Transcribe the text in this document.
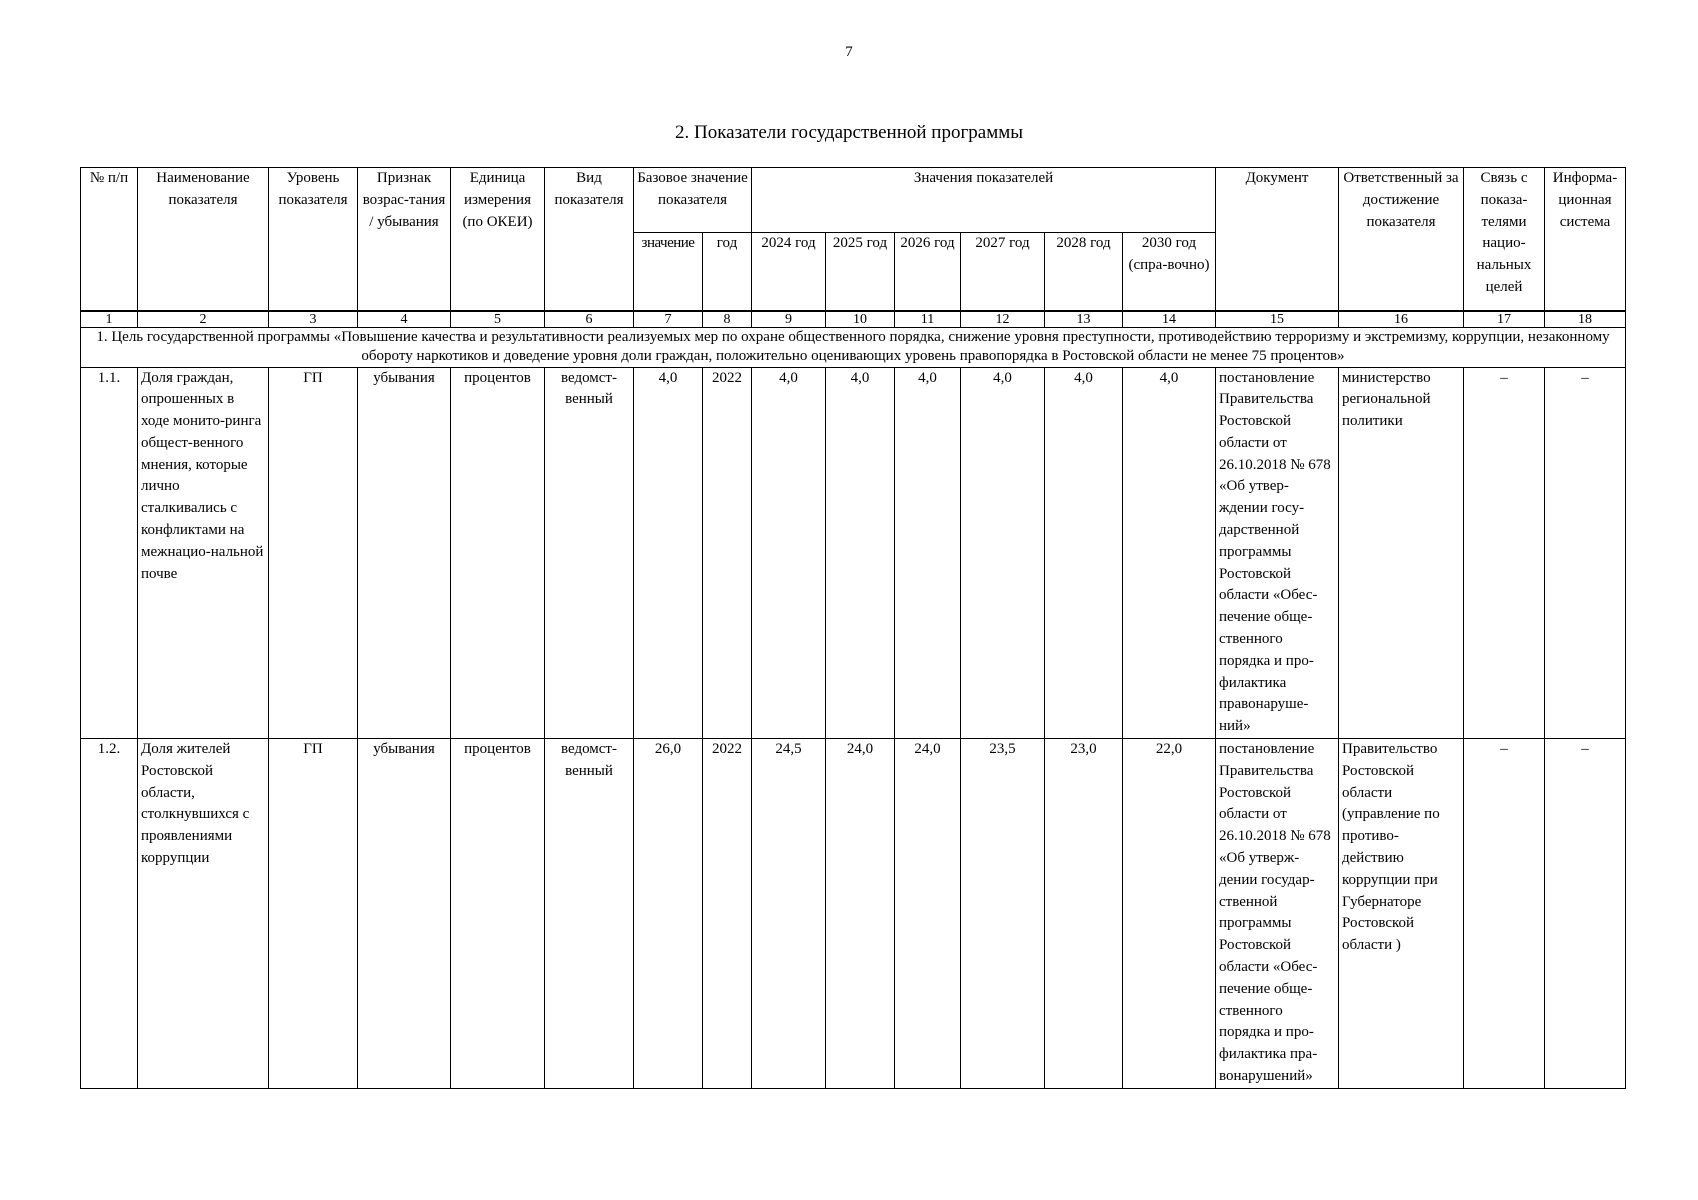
7
2. Показатели государственной программы
№ п/п	Наименование показателя	Уровень показателя	Признак возрас-тания / убывания	Единица измерения (по ОКЕИ)	Вид показателя	Базовое значение показателя		Значения показателей						Документ	Ответственный за достижение показателя	Связь с показа-телями нацио-нальных целей	Информа-ционная система
						значение	год	2024 год	2025 год	2026 год	2027 год	2028 год	2030 год (спра-вочно)				
1	2	3	4	5	6	7	8	9	10	11	12	13	14	15	16	17	18
1. Цель государственной программы «Повышение качества и результативности реализуемых мер по охране общественного порядка, снижение уровня преступности, противодействию терроризму и экстремизму, коррупции, незаконному обороту наркотиков и доведение уровня доли граждан, положительно оценивающих уровень правопорядка в Ростовской области не менее 75 процентов»																	
1.1.	Доля граждан, опрошенных в ходе монито-ринга общест-венного мнения, которые лично сталкивались с конфликтами на межнацио-нальной почве	ГП	убывания	процентов	ведомст-венный	4,0	2022	4,0	4,0	4,0	4,0	4,0	4,0	постановление Правительства Ростовской области от 26.10.2018 № 678 «Об утвер-ждении госу-дарственной программы Ростовской области «Обес-печение обще-ственного порядка и про-филактика правонаруше-ний»	министерство региональной политики	–	–
1.2.	Доля жителей Ростовской области, столкнувшихся с проявлениями коррупции	ГП	убывания	процентов	ведомст-венный	26,0	2022	24,5	24,0	24,0	23,5	23,0	22,0	постановление Правительства Ростовской области от 26.10.2018 № 678 «Об утверж-дении государ-ственной программы Ростовской области «Обес-печение обще-ственного порядка и про-филактика пра-вонарушений»	Правительство Ростовской области (управление по противо-действию коррупции при Губернаторе Ростовской области )	–	–
